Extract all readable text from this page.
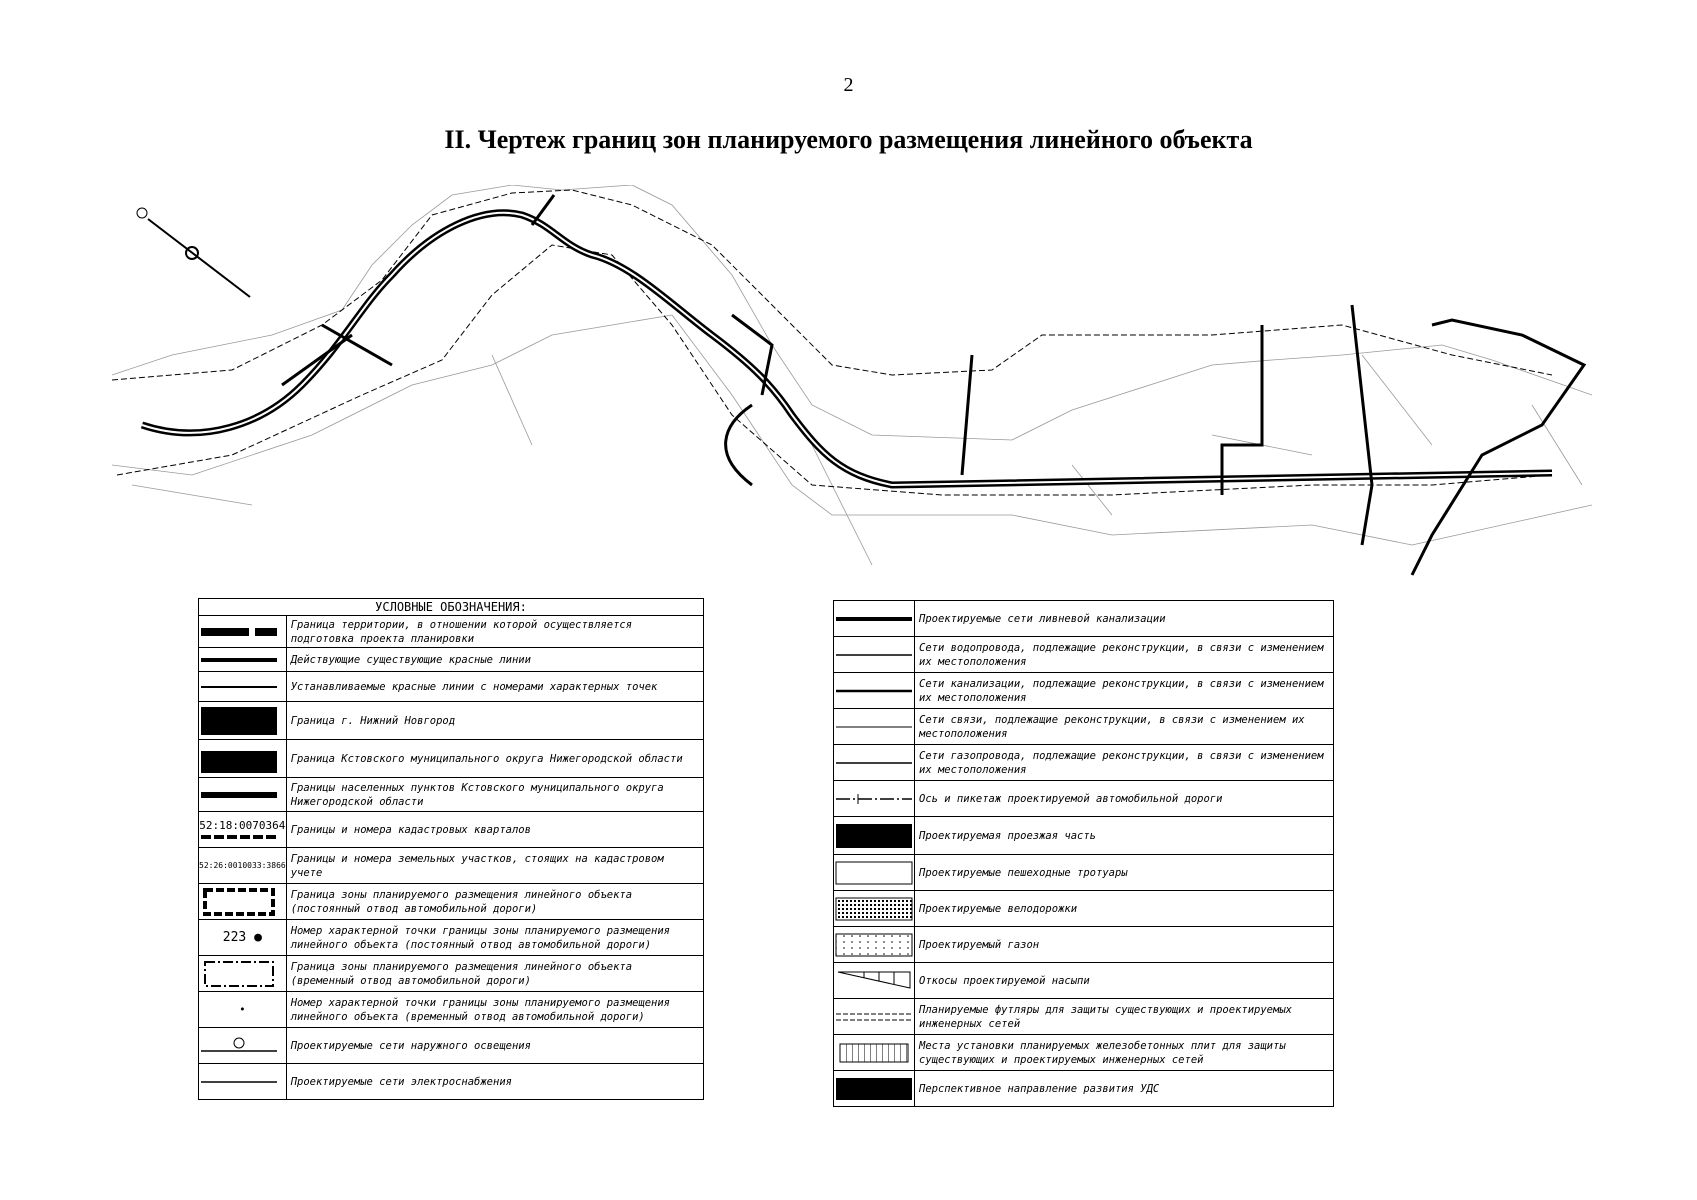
2
II. Чертеж границ зон планируемого размещения линейного объекта
УСЛОВНЫЕ ОБОЗНАЧЕНИЯ:	

	Граница территории, в отношении которой осуществляется подготовка проекта планировки

	Действующие существующие красные линии

	Устанавливаемые красные линии с номерами характерных точек

	Граница г. Нижний Новгород

	Граница Кстовского муниципального округа Нижегородской области

	Границы населенных пунктов Кстовского муниципального округа Нижегородской области

52:18:0070364	Границы и номера кадастровых кварталов

52:26:0010033:3866	Границы и номера земельных участков, стоящих на кадастровом учете

	Граница зоны планируемого размещения линейного объекта (постоянный отвод автомобильной дороги)
223 ●	Номер характерной точки границы зоны планируемого размещения линейного объекта (постоянный отвод автомобильной дороги)

	Граница зоны планируемого размещения линейного объекта (временный отвод автомобильной дороги)
•	Номер характерной точки границы зоны планируемого размещения линейного объекта (временный отвод автомобильной дороги)

	Проектируемые сети наружного освещения

	Проектируемые сети электроснабжения
	Проектируемые сети ливневой канализации

	Сети водопровода, подлежащие реконструкции, в связи с изменением их местоположения

	Сети канализации, подлежащие реконструкции, в связи с изменением их местоположения

	Сети связи, подлежащие реконструкции, в связи с изменением их местоположения

	Сети газопровода, подлежащие реконструкции, в связи с изменением их местоположения

	Ось и пикетаж проектируемой автомобильной дороги

	Проектируемая проезжая часть

	Проектируемые пешеходные тротуары

	Проектируемые велодорожки

	Проектируемый газон

	Откосы проектируемой насыпи

	Планируемые футляры для защиты существующих и проектируемых инженерных сетей

	Места установки планируемых железобетонных плит для защиты существующих и проектируемых инженерных сетей

	Перспективное направление развития УДС
